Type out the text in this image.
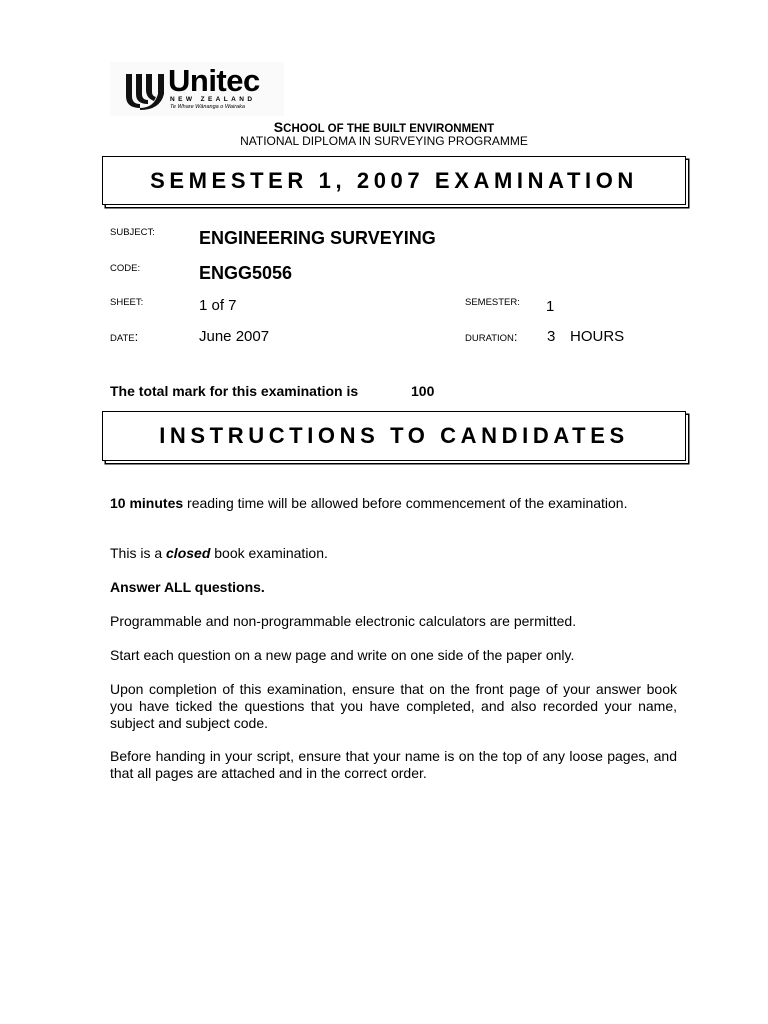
Unitec
NEW ZEALAND
Te Whare Wānanga o Wairaka
SCHOOL OF THE BUILT ENVIRONMENT
NATIONAL DIPLOMA IN SURVEYING PROGRAMME
SEMESTER 1, 2007 EXAMINATION
SUBJECT: ENGINEERING SURVEYING
CODE:	ENGG5056
SHEET:	1 of 7	SEMESTER: 1
DATE:	June 2007	DURATION: 3 HOURS
The total mark for this examination is	100
INSTRUCTIONS TO CANDIDATES
10 minutes reading time will be allowed before commencement of the examination.
This is a closed book examination.
Answer ALL questions.
Programmable and non-programmable electronic calculators are permitted.
Start each question on a new page and write on one side of the paper only.
Upon completion of this examination, ensure that on the front page of your answer book you have ticked the questions that you have completed, and also recorded your name, subject and subject code.
Before handing in your script, ensure that your name is on the top of any loose pages, and that all pages are attached and in the correct order.
